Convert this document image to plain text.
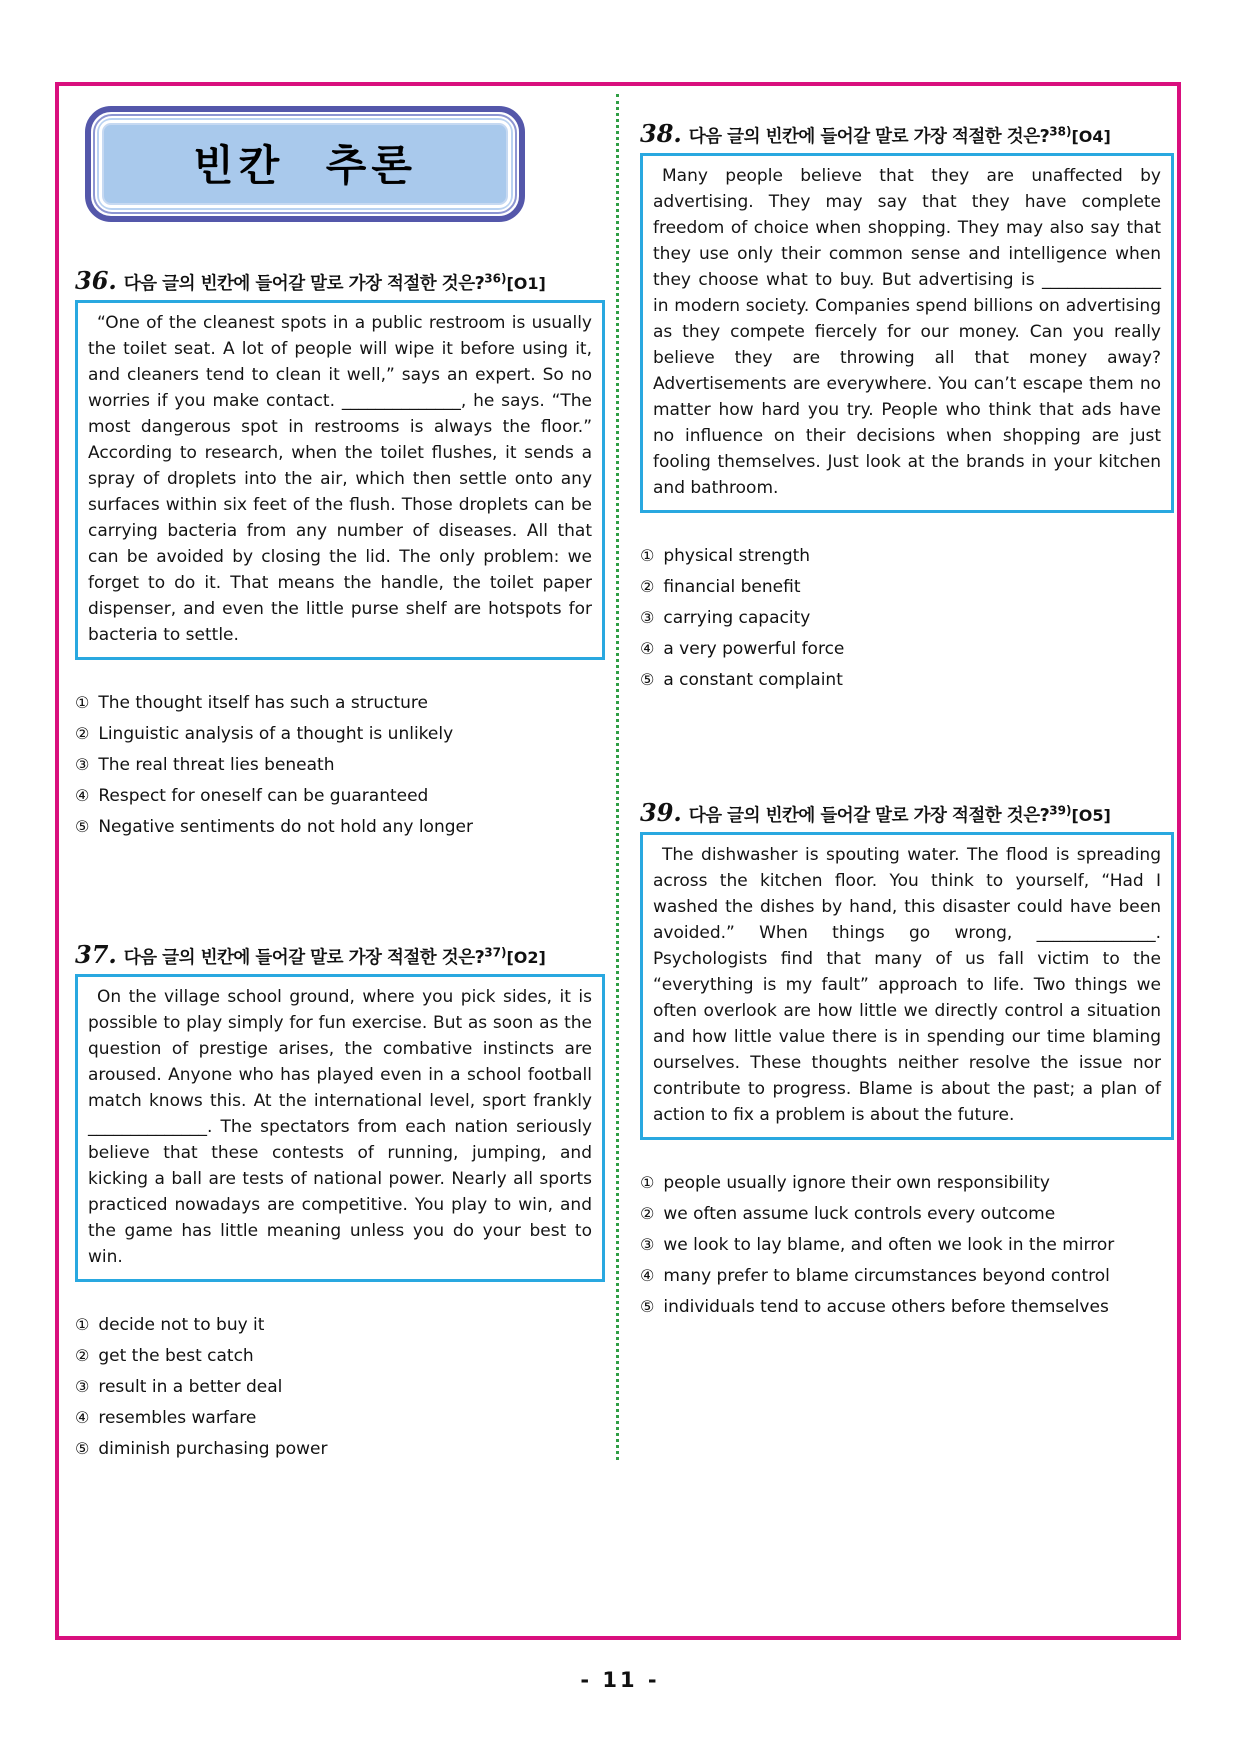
빈칸 추론
36. 다음 글의 빈칸에 들어갈 말로 가장 적절한 것은?$^{36)}$[O1]
“One of the cleanest spots in a public restroom is usually the toilet seat. A lot of people will wipe it before using it, and cleaners tend to clean it well,” says an expert. So no worries if you make contact. ______________, he says. “The most dangerous spot in restrooms is always the floor.” According to research, when the toilet flushes, it sends a spray of droplets into the air, which then settle onto any surfaces within six feet of the flush. Those droplets can be carrying bacteria from any number of diseases. All that can be avoided by closing the lid. The only problem: we forget to do it. That means the handle, the toilet paper dispenser, and even the little purse shelf are hotspots for bacteria to settle.
① The thought itself has such a structure
② Linguistic analysis of a thought is unlikely
③ The real threat lies beneath
④ Respect for oneself can be guaranteed
⑤ Negative sentiments do not hold any longer
37. 다음 글의 빈칸에 들어갈 말로 가장 적절한 것은?$^{37)}$[O2]
On the village school ground, where you pick sides, it is possible to play simply for fun exercise. But as soon as the question of prestige arises, the combative instincts are aroused. Anyone who has played even in a school football match knows this. At the international level, sport frankly ______________. The spectators from each nation seriously believe that these contests of running, jumping, and kicking a ball are tests of national power. Nearly all sports practiced nowadays are competitive. You play to win, and the game has little meaning unless you do your best to win.
① decide not to buy it
② get the best catch
③ result in a better deal
④ resembles warfare
⑤ diminish purchasing power
38. 다음 글의 빈칸에 들어갈 말로 가장 적절한 것은?$^{38)}$[O4]
Many people believe that they are unaffected by advertising. They may say that they have complete freedom of choice when shopping. They may also say that they use only their common sense and intelligence when they choose what to buy. But advertising is ______________ in modern society. Companies spend billions on advertising as they compete fiercely for our money. Can you really believe they are throwing all that money away? Advertisements are everywhere. You can’t escape them no matter how hard you try. People who think that ads have no influence on their decisions when shopping are just fooling themselves. Just look at the brands in your kitchen and bathroom.
① physical strength
② financial benefit
③ carrying capacity
④ a very powerful force
⑤ a constant complaint
39. 다음 글의 빈칸에 들어갈 말로 가장 적절한 것은?$^{39)}$[O5]
The dishwasher is spouting water. The flood is spreading across the kitchen floor. You think to yourself, “Had I washed the dishes by hand, this disaster could have been avoided.” When things go wrong, ______________. Psychologists find that many of us fall victim to the “everything is my fault” approach to life. Two things we often overlook are how little we directly control a situation and how little value there is in spending our time blaming ourselves. These thoughts neither resolve the issue nor contribute to progress. Blame is about the past; a plan of action to fix a problem is about the future.
① people usually ignore their own responsibility
② we often assume luck controls every outcome
③ we look to lay blame, and often we look in the mirror
④ many prefer to blame circumstances beyond control
⑤ individuals tend to accuse others before themselves
- 11 -
